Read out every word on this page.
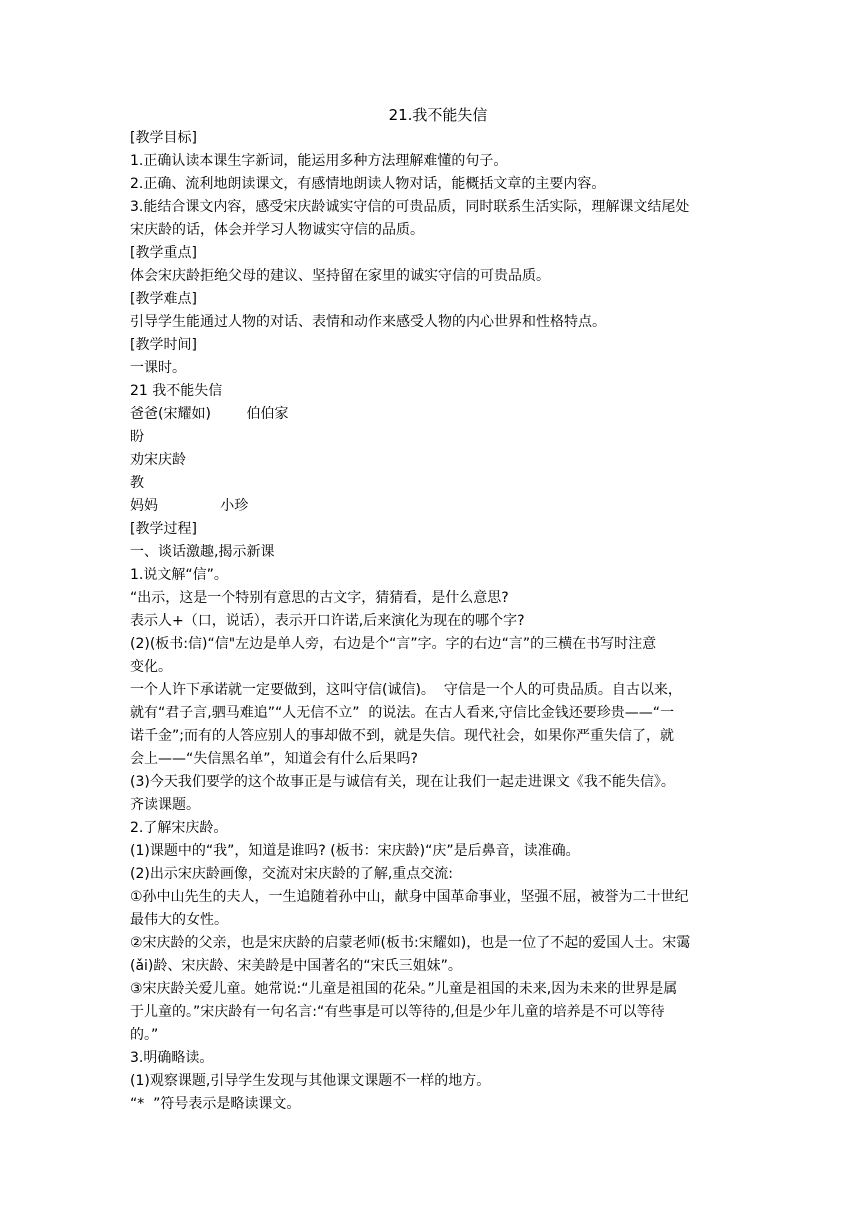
21.我不能失信
[教学目标]
1.正确认读本课生字新词，能运用多种方法理解难懂的句子。
2.正确、流利地朗读课文，有感情地朗读人物对话，能概括文章的主要内容。
3.能结合课文内容，感受宋庆龄诚实守信的可贵品质，同时联系生活实际，理解课文结尾处
宋庆龄的话，体会并学习人物诚实守信的品质。
[教学重点]
体会宋庆龄拒绝父母的建议、坚持留在家里的诚实守信的可贵品质。
[教学难点]
引导学生能通过人物的对话、表情和动作来感受人物的内心世界和性格特点。
[教学时间]
一课时。
21 我不能失信
爸爸(宋耀如)        伯伯家
盼
劝宋庆龄
教
妈妈              小珍
[教学过程]
一、谈话激趣,揭示新课
1.说文解“信”。
“出示，这是一个特别有意思的古文字，猜猜看，是什么意思?
表示人+（口，说话），表示开口许诺,后来演化为现在的哪个字?
(2)(板书:信)“信"左边是单人旁，右边是个“言”字。字的右边“言”的三横在书写时注意
变化。
一个人许下承诺就一定要做到，这叫守信(诚信)。  守信是一个人的可贵品质。自古以来，
就有“君子言,驷马难追”“人无信不立”  的说法。在古人看来,守信比金钱还要珍贵——“一
诺千金”;而有的人答应别人的事却做不到，就是失信。现代社会，如果你严重失信了，就
会上——“失信黑名单”，知道会有什么后果吗?
(3)今天我们要学的这个故事正是与诚信有关，现在让我们一起走进课文《我不能失信》。
齐读课题。
2.了解宋庆龄。
(1)课题中的“我”，知道是谁吗? (板书：宋庆龄)“庆”是后鼻音，读准确。
(2)出示宋庆龄画像，交流对宋庆龄的了解,重点交流:
①孙中山先生的夫人，一生追随着孙中山，献身中国革命事业，坚强不屈，被誉为二十世纪
最伟大的女性。
②宋庆龄的父亲，也是宋庆龄的启蒙老师(板书:宋耀如)，也是一位了不起的爱国人士。宋霭
(ǎi)龄、宋庆龄、宋美龄是中国著名的“宋氏三姐妹”。
③宋庆龄关爱儿童。她常说:“儿童是祖国的花朵。”儿童是祖国的未来,因为未来的世界是属
于儿童的。”宋庆龄有一句名言:“有些事是可以等待的,但是少年儿童的培养是不可以等待
的。”
3.明确略读。
(1)观察课题,引导学生发现与其他课文课题不一样的地方。
“*  ”符号表示是略读课文。
